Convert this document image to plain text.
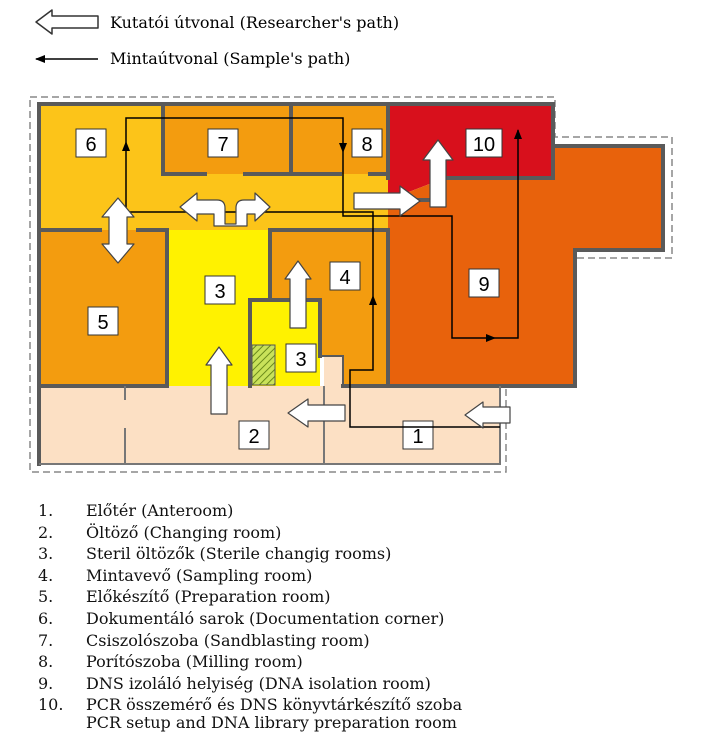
Kutatói útvonal (Researcher's path)
Mintaútvonal (Sample's path)
6	7	8	10
3
4	9
5
3
2	1
1.	Előtér (Anteroom)
2.	Öltöző (Changing room)
3.	Steril öltözők (Sterile changig rooms)
4.	Mintavevő (Sampling room)
5.	Előkészítő (Preparation room)
6.	Dokumentáló sarok (Documentation corner)
7.	Csiszolószoba (Sandblasting room)
8.	Porítószoba (Milling room)
9.	DNS izoláló helyiség (DNA isolation room)
10.	PCR összemérő és DNS könyvtárkészítő szoba
PCR setup and DNA library preparation room
